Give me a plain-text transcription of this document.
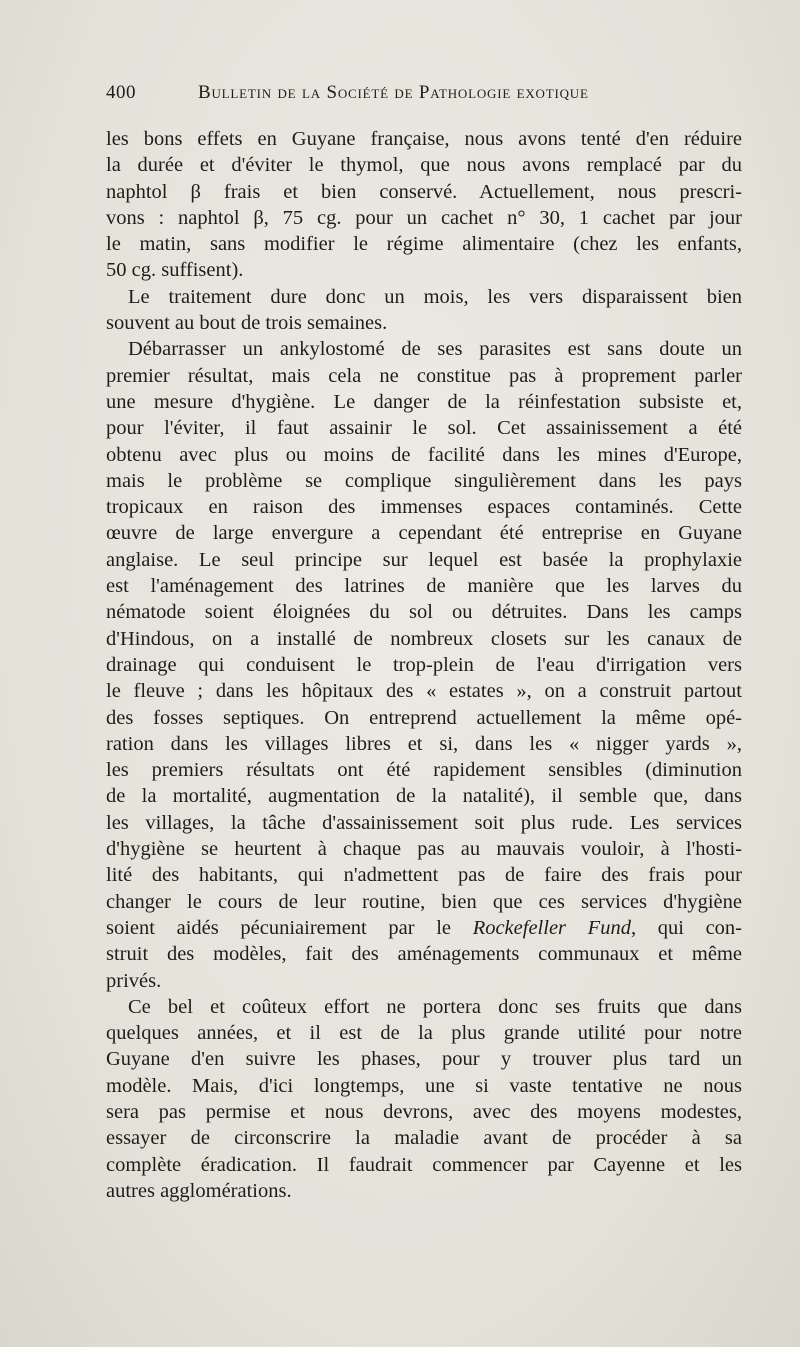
400	Bulletin de la Société de Pathologie exotique
les bons effets en Guyane française, nous avons tenté d'en réduire
la durée et d'éviter le thymol, que nous avons remplacé par du
naphtol β frais et bien conservé. Actuellement, nous prescri-
vons : naphtol β, 75 cg. pour un cachet n° 30, 1 cachet par jour
le matin, sans modifier le régime alimentaire (chez les enfants,
50 cg. suffisent).
Le traitement dure donc un mois, les vers disparaissent bien
souvent au bout de trois semaines.
Débarrasser un ankylostomé de ses parasites est sans doute un
premier résultat, mais cela ne constitue pas à proprement parler
une mesure d'hygiène. Le danger de la réinfestation subsiste et,
pour l'éviter, il faut assainir le sol. Cet assainissement a été
obtenu avec plus ou moins de facilité dans les mines d'Europe,
mais le problème se complique singulièrement dans les pays
tropicaux en raison des immenses espaces contaminés. Cette
œuvre de large envergure a cependant été entreprise en Guyane
anglaise. Le seul principe sur lequel est basée la prophylaxie
est l'aménagement des latrines de manière que les larves du
nématode soient éloignées du sol ou détruites. Dans les camps
d'Hindous, on a installé de nombreux closets sur les canaux de
drainage qui conduisent le trop-plein de l'eau d'irrigation vers
le fleuve ; dans les hôpitaux des « estates », on a construit partout
des fosses septiques. On entreprend actuellement la même opé-
ration dans les villages libres et si, dans les « nigger yards »,
les premiers résultats ont été rapidement sensibles (diminution
de la mortalité, augmentation de la natalité), il semble que, dans
les villages, la tâche d'assainissement soit plus rude. Les services
d'hygiène se heurtent à chaque pas au mauvais vouloir, à l'hosti-
lité des habitants, qui n'admettent pas de faire des frais pour
changer le cours de leur routine, bien que ces services d'hygiène
soient aidés pécuniairement par le Rockefeller Fund, qui con-
struit des modèles, fait des aménagements communaux et même
privés.
Ce bel et coûteux effort ne portera donc ses fruits que dans
quelques années, et il est de la plus grande utilité pour notre
Guyane d'en suivre les phases, pour y trouver plus tard un
modèle. Mais, d'ici longtemps, une si vaste tentative ne nous
sera pas permise et nous devrons, avec des moyens modestes,
essayer de circonscrire la maladie avant de procéder à sa
complète éradication. Il faudrait commencer par Cayenne et les
autres agglomérations.
